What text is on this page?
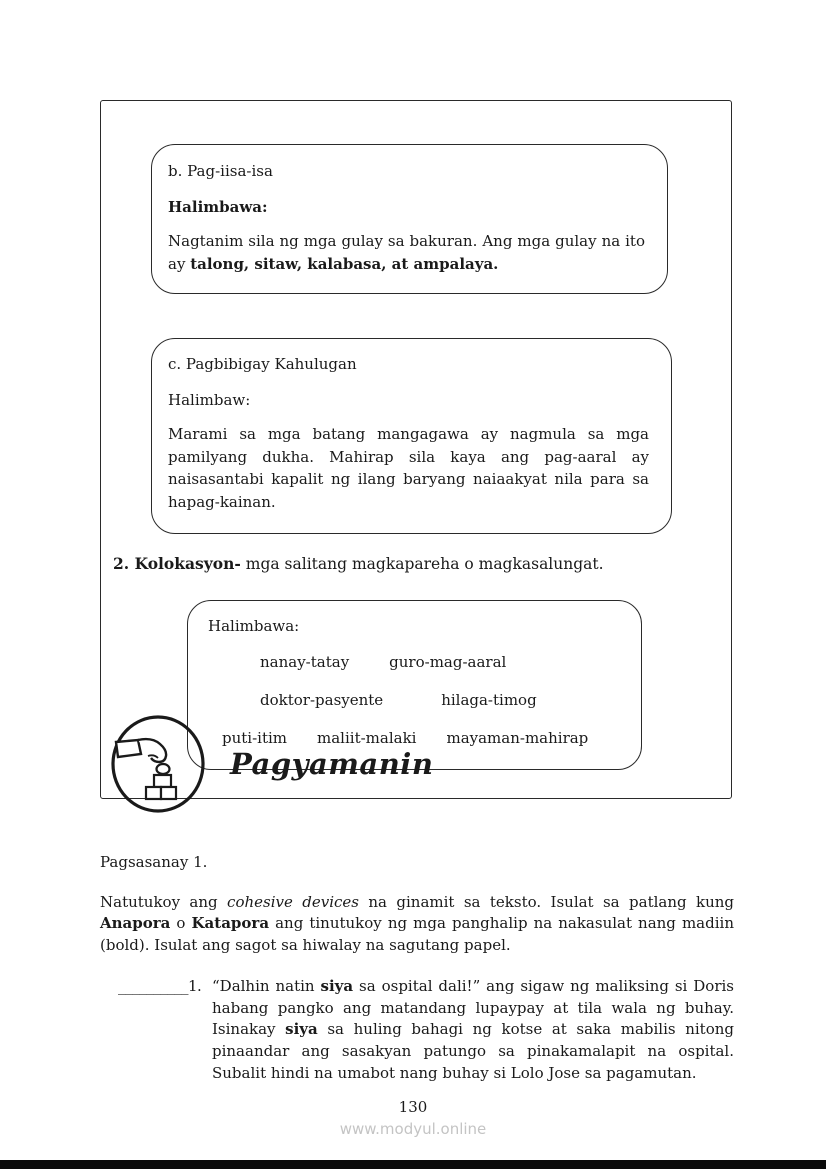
b. Pag-iisa-isa
Halimbawa:
Nagtanim sila ng mga gulay sa bakuran. Ang mga gulay na ito ay talong, sitaw, kalabasa, at ampalaya.
c. Pagbibigay Kahulugan
Halimbaw:
Marami sa mga batang mangagawa ay nagmula sa mga pamilyang dukha. Mahirap sila kaya ang pag-aaral ay naisasantabi kapalit ng ilang baryang naiaakyat nila para sa hapag-kainan.
2. Kolokasyon- mga salitang magkapareha o magkasalungat.
Halimbawa:
nanay-tatay	guro-mag-aaral
doktor-pasyente	hilaga-timog
puti-itim maliit-malaki mayaman-mahirap
Pagyamanin
Pagsasanay 1.
Natutukoy ang cohesive devices na ginamit sa teksto. Isulat sa patlang kung Anapora o Katapora ang tinutukoy ng mga panghalip na nakasulat nang madiin (bold). Isulat ang sagot sa hiwalay na sagutang papel.
__________1. “Dalhin natin siya sa ospital dali!” ang sigaw ng maliksing si Doris habang pangko ang matandang lupaypay at tila wala ng buhay. Isinakay siya sa huling bahagi ng kotse at saka mabilis nitong pinaandar ang sasakyan patungo sa pinakamalapit na ospital. Subalit hindi na umabot nang buhay si Lolo Jose sa pagamutan.
130
www.modyul.online
